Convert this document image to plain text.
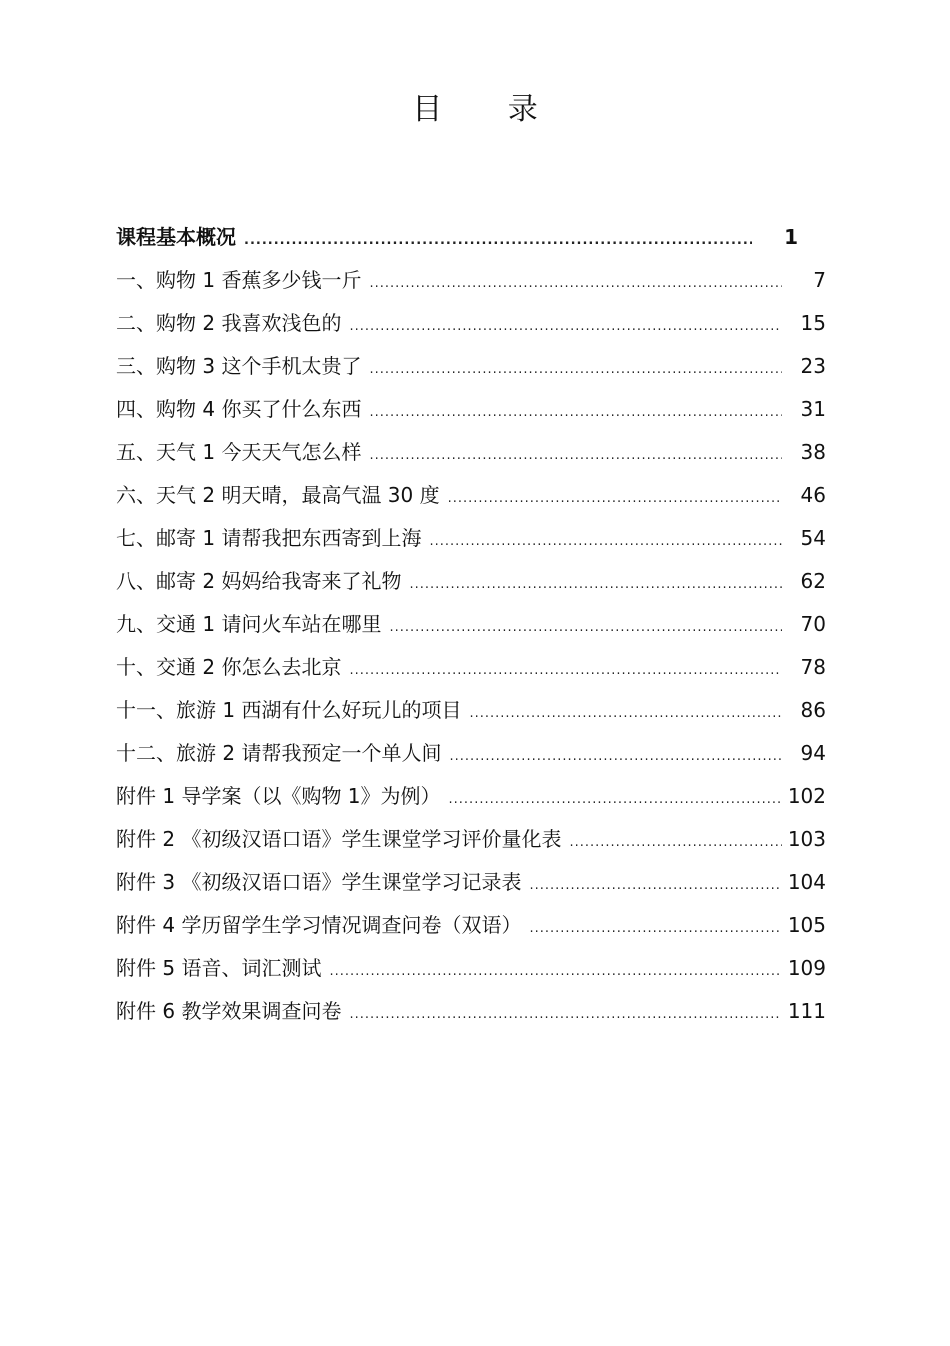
目 录
课程基本概况 .....	1
一、购物 1 香蕉多少钱一斤 .....	7
二、购物 2 我喜欢浅色的 .....	15
三、购物 3 这个手机太贵了 .....	23
四、购物 4 你买了什么东西 .....	31
五、天气 1 今天天气怎么样 .....	38
六、天气 2 明天晴，最高气温 30 度 .....	46
七、邮寄 1 请帮我把东西寄到上海 .....	54
八、邮寄 2 妈妈给我寄来了礼物 .....	62
九、交通 1 请问火车站在哪里 .....	70
十、交通 2 你怎么去北京 .....	78
十一、旅游 1 西湖有什么好玩儿的项目 .....	86
十二、旅游 2 请帮我预定一个单人间 .....	94
附件 1 导学案（以《购物 1》为例） .....	102
附件 2 《初级汉语口语》学生课堂学习评价量化表 .....	103
附件 3 《初级汉语口语》学生课堂学习记录表 .....	104
附件 4 学历留学生学习情况调查问卷（双语） .....	105
附件 5 语音、词汇测试 .....	109
附件 6 教学效果调查问卷 .....	111
